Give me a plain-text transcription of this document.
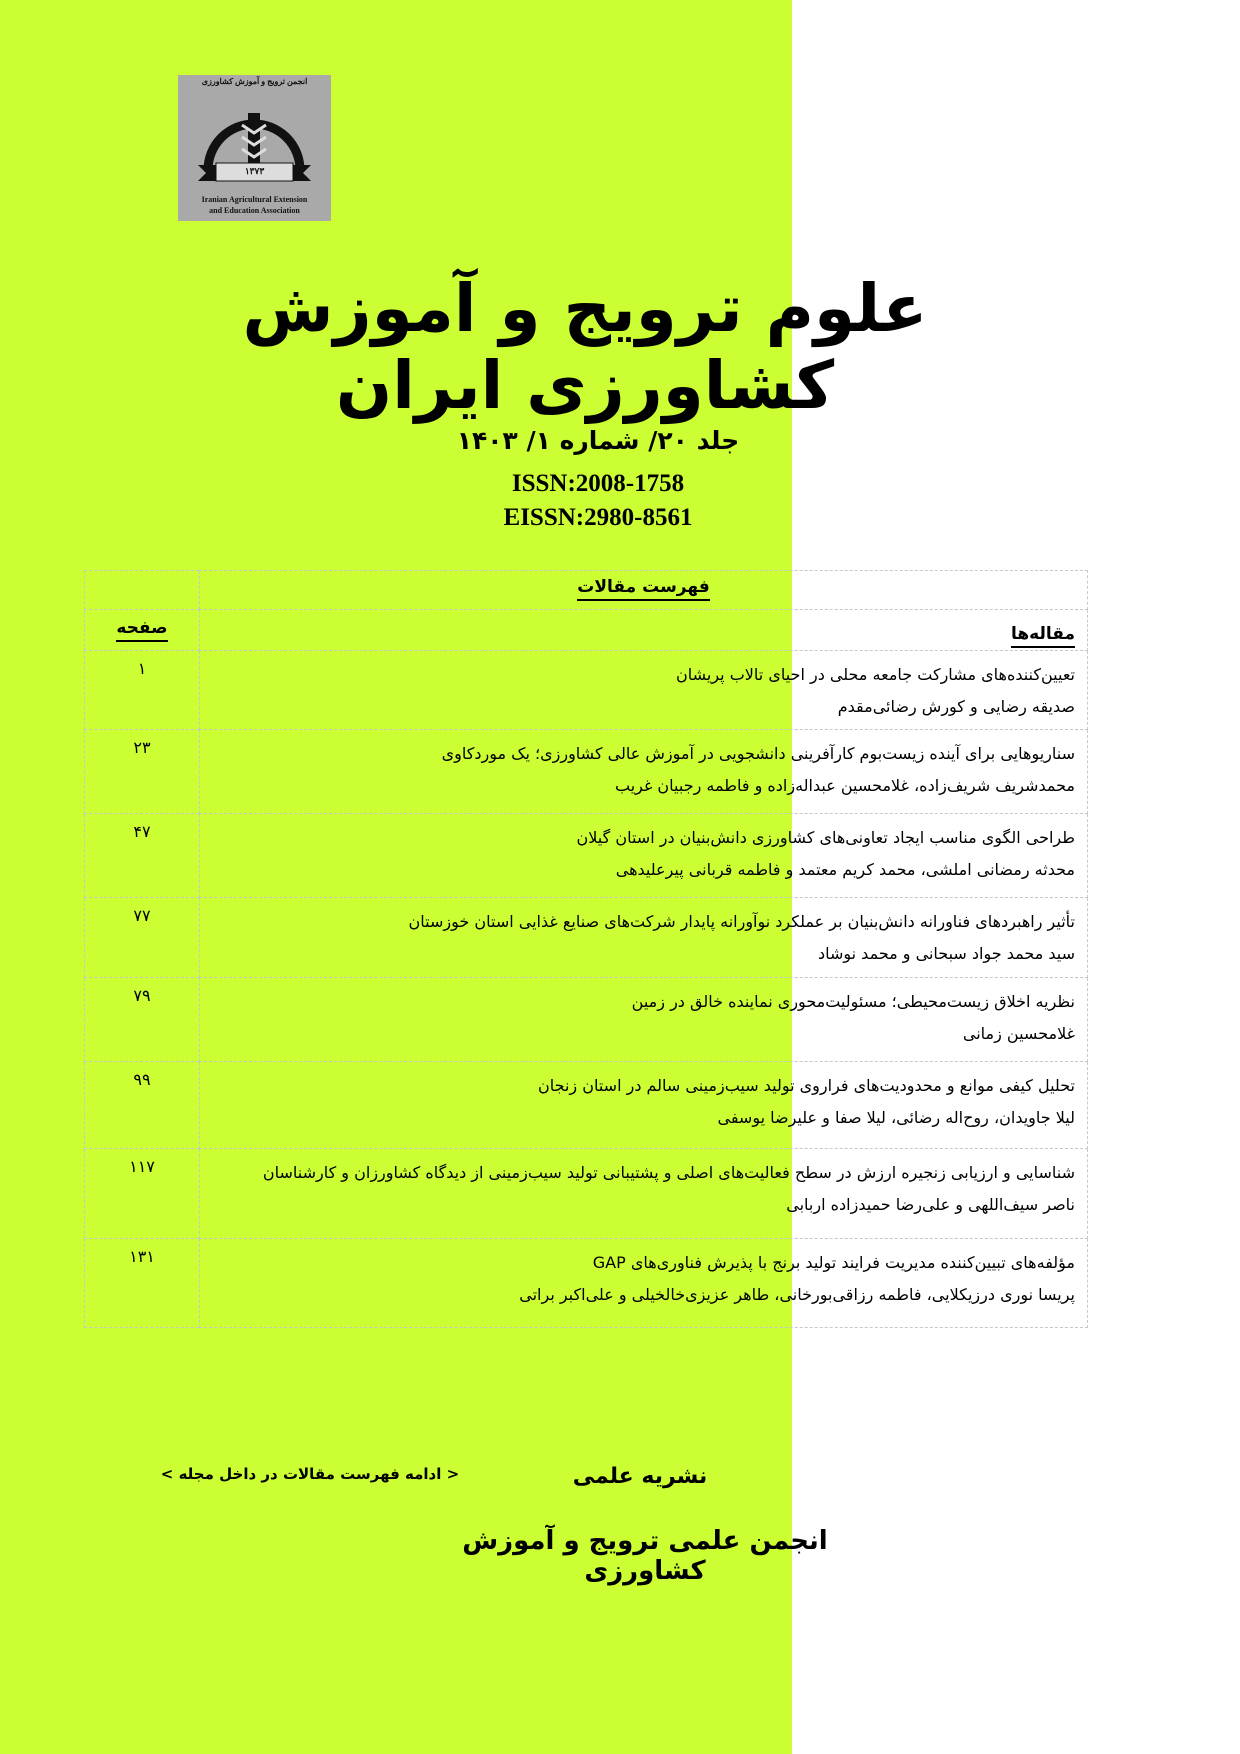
۱۳۷۳
Iranian Agricultural Extension
and Education Association
انجمن ترویج و آموزش کشاورزی
علوم ترویج و آموزش کشاورزی ایران
جلد ۲۰/ شماره ۱/ ۱۴۰۳
ISSN:2008-1758
EISSN:2980-8561
فهرست مقالات	
مقاله‌ها	صفحه

تعیین‌کننده‌های مشارکت جامعه محلی در احیای تالاب پریشان
صدیقه رضایی و کورش رضائی‌مقدم	۱

سناریوهایی برای آینده زیست‌بوم کارآفرینی دانشجویی در آموزش عالی کشاورزی؛ یک موردکاوی
محمدشریف شریف‌زاده، غلامحسین عبداله‌زاده و فاطمه رجبیان غریب	۲۳

طراحی الگوی مناسب ایجاد تعاونی‌های کشاورزی دانش‌بنیان در استان گیلان
محدثه رمضانی املشی، محمد کریم معتمد و فاطمه قربانی پیرعلیدهی	۴۷

تأثیر راهبردهای فناورانه دانش‌بنیان بر عملکرد نوآورانه پایدار شرکت‌های صنایع غذایی استان خوزستان
سید محمد جواد سبحانی و محمد نوشاد	۷۷

نظریه اخلاق زیست‌محیطی؛ مسئولیت‌محوری نماینده خالق در زمین
غلامحسین زمانی	۷۹

تحلیل کیفی موانع و محدودیت‌های فراروی تولید سیب‌زمینی سالم در استان زنجان
لیلا جاویدان، روح‌اله رضائی، لیلا صفا و علیرضا یوسفی	۹۹

شناسایی و ارزیابی زنجیره ارزش در سطح فعالیت‌های اصلی و پشتیبانی تولید سیب‌زمینی از دیدگاه کشاورزان و کارشناسان
ناصر سیف‌اللهی و علی‌رضا حمیدزاده اربابی	۱۱۷

مؤلفه‌های تبیین‌کننده مدیریت فرایند تولید برنج با پذیرش فناوری‌های GAP
پریسا نوری درزیکلایی، فاطمه رزاقی‌بورخانی، طاهر عزیزی‌خالخیلی و علی‌اکبر براتی	۱۳۱
نشریه علمی
< ادامه فهرست مقالات در داخل مجله >
انجمن علمی ترویج و آموزش کشاورزی
